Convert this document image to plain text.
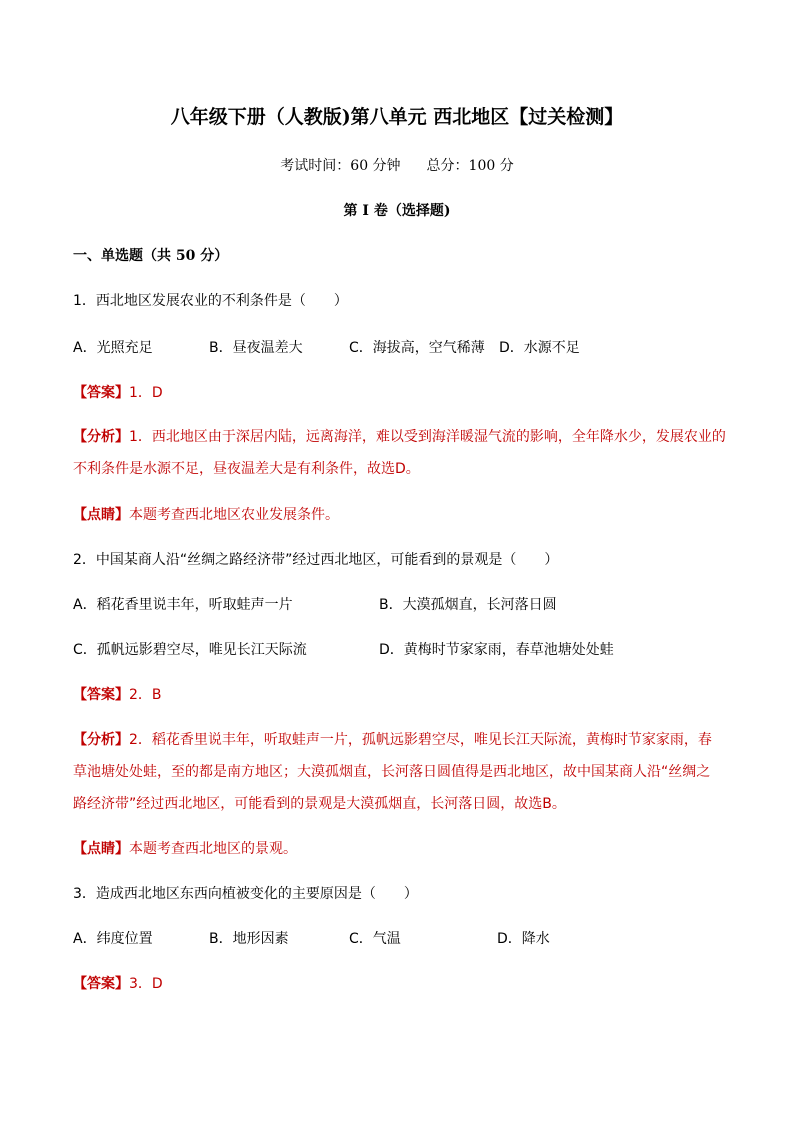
八年级下册（人教版)第八单元 西北地区【过关检测】
考试时间：60 分钟 总分：100 分
第 I 卷（选择题)
一、单选题（共 50 分）
1．西北地区发展农业的不利条件是（　　）
A．光照充足	B．昼夜温差大	C．海拔高，空气稀薄 D．水源不足
【答案】1．D
【分析】1．西北地区由于深居内陆，远离海洋，难以受到海洋暖湿气流的影响，全年降水少，发展农业的
不利条件是水源不足，昼夜温差大是有利条件，故选D。
【点睛】本题考查西北地区农业发展条件。
2．中国某商人沿“丝绸之路经济带”经过西北地区，可能看到的景观是（　　）
A．稻花香里说丰年，听取蛙声一片	B．大漠孤烟直，长河落日圆
C．孤帆远影碧空尽，唯见长江天际流	D．黄梅时节家家雨，春草池塘处处蛙
【答案】2．B
【分析】2．稻花香里说丰年，听取蛙声一片，孤帆远影碧空尽，唯见长江天际流，黄梅时节家家雨，春
草池塘处处蛙，至的都是南方地区；大漠孤烟直，长河落日圆值得是西北地区，故中国某商人沿“丝绸之
路经济带”经过西北地区，可能看到的景观是大漠孤烟直，长河落日圆，故选B。
【点睛】本题考查西北地区的景观。
3．造成西北地区东西向植被变化的主要原因是（　　）
A．纬度位置	B．地形因素	C．气温	D．降水
【答案】3．D
